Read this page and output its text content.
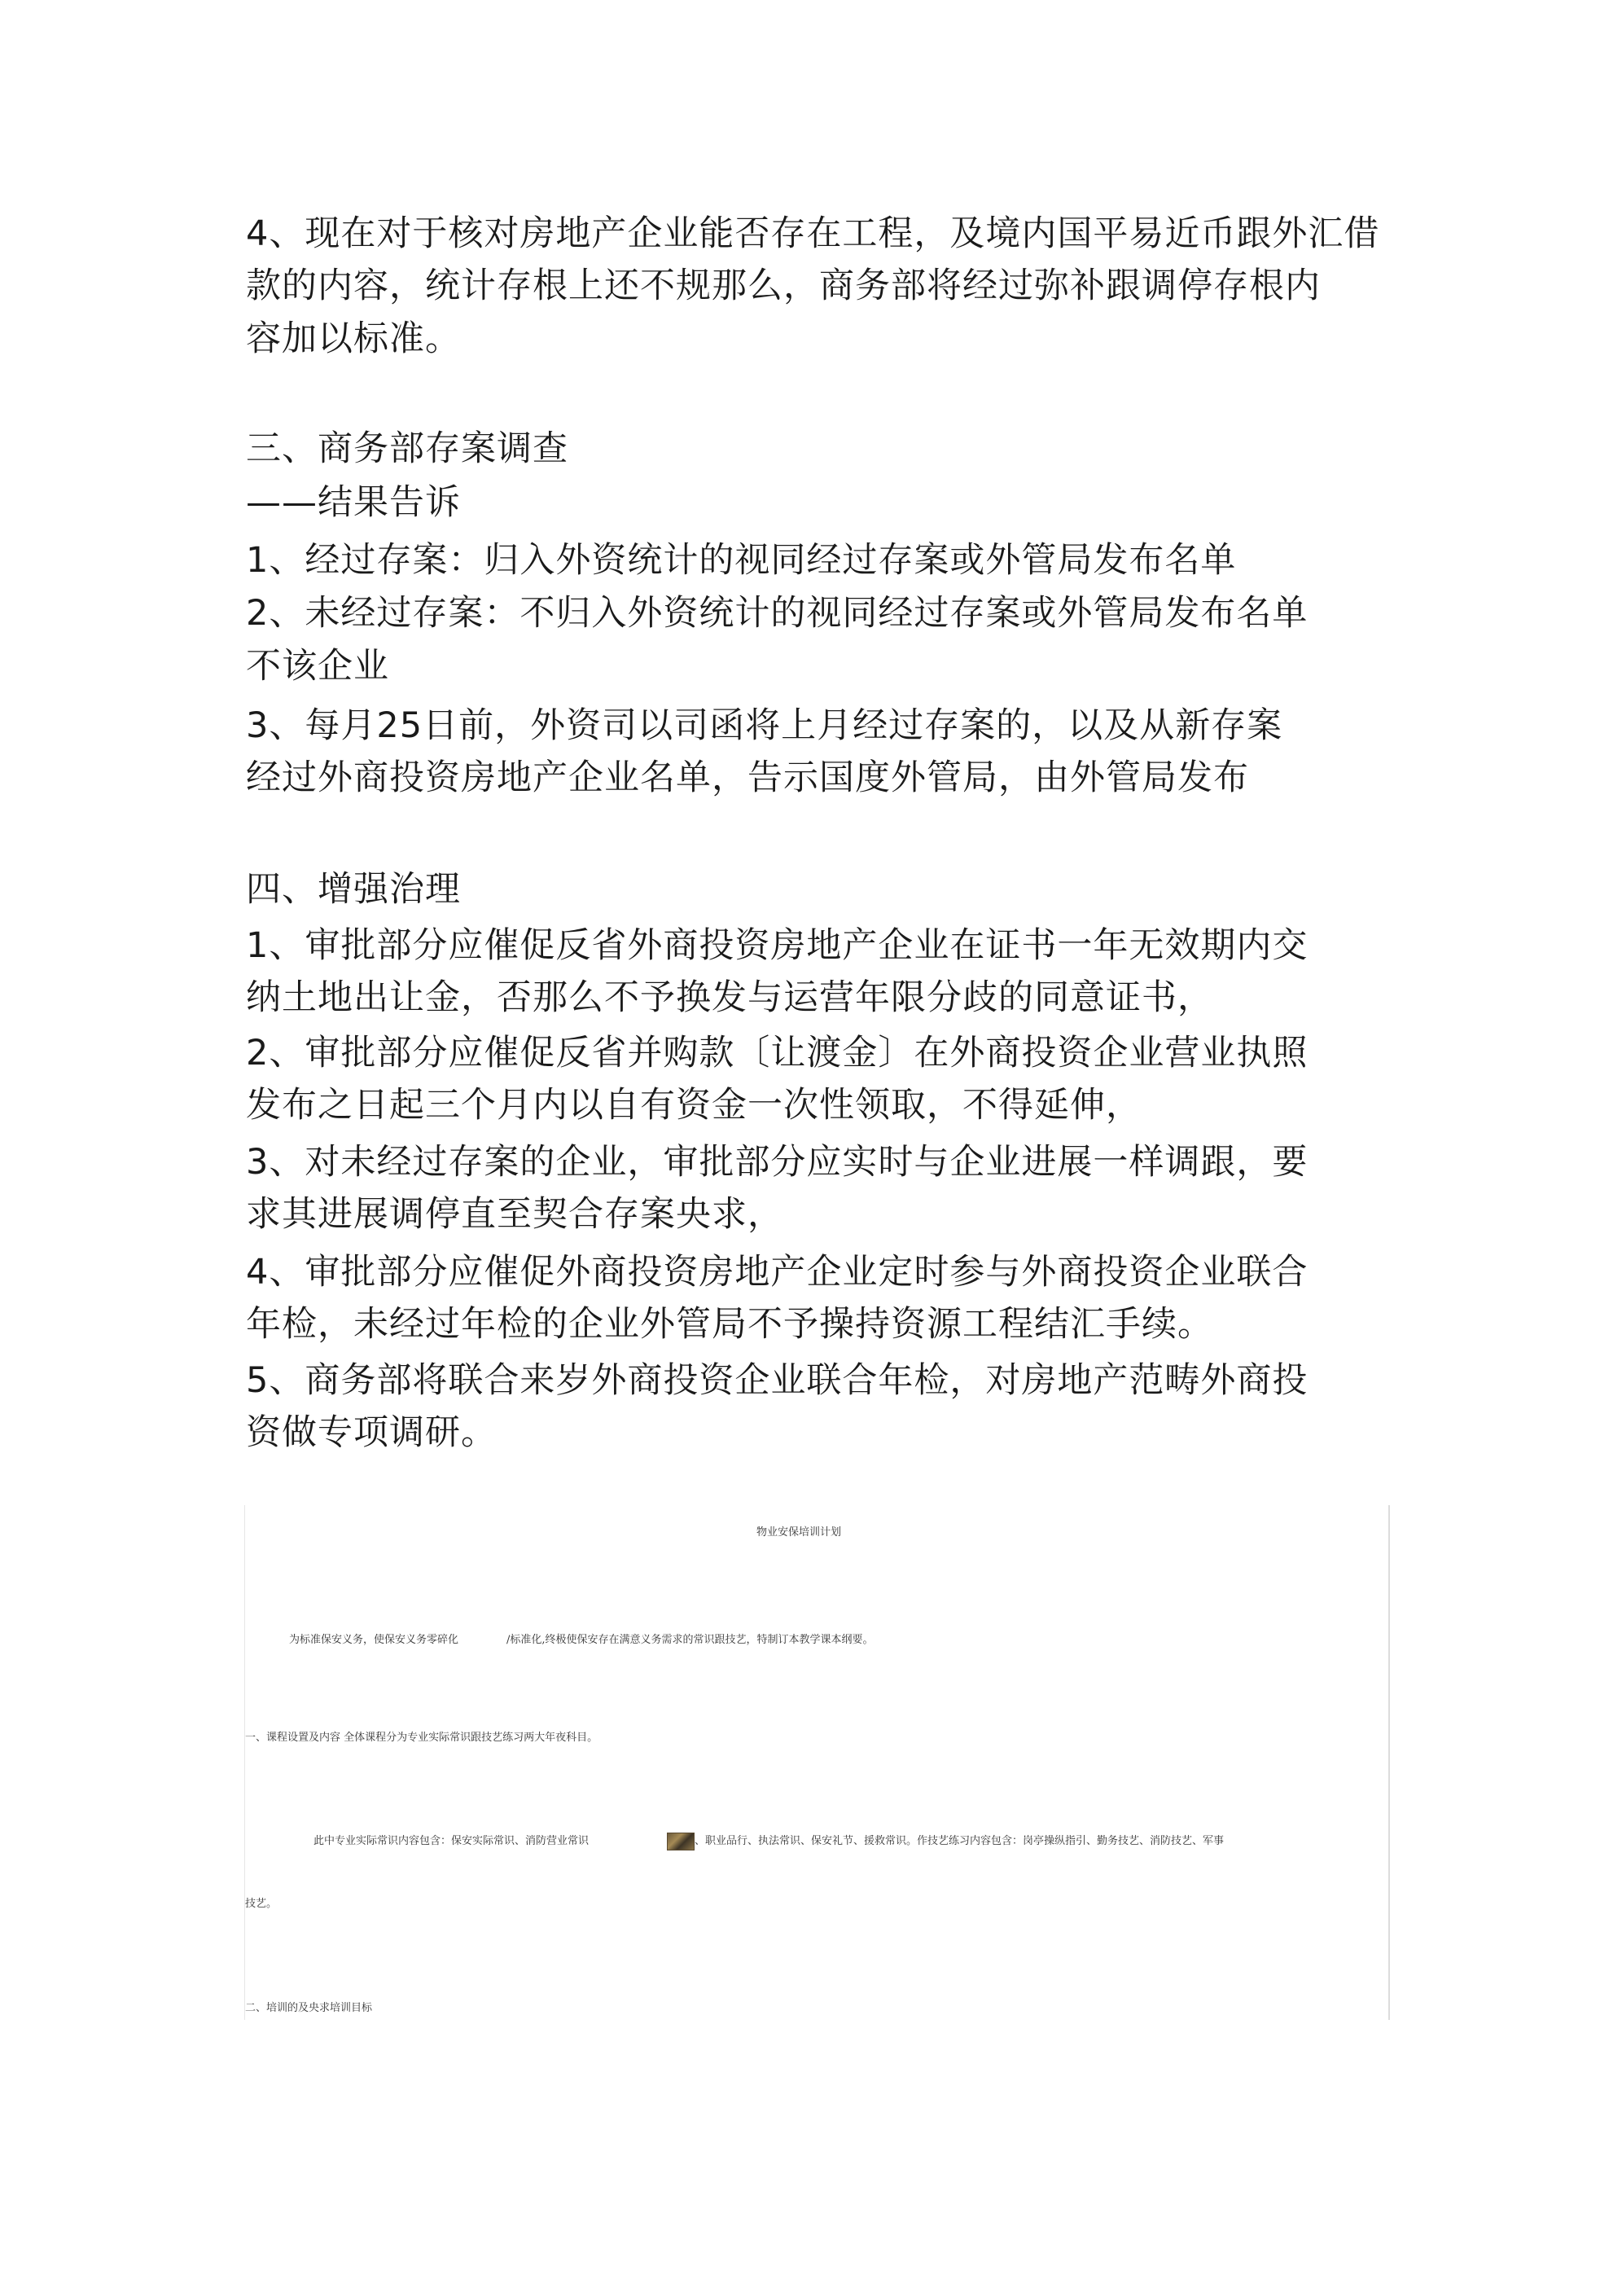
4、现在对于核对房地产企业能否存在工程，及境内国平易近币跟外汇借
款的内容，统计存根上还不规那么，商务部将经过弥补跟调停存根内
容加以标准。
三、商务部存案调查
——结果告诉
1、经过存案：归入外资统计的视同经过存案或外管局发布名单
2、未经过存案：不归入外资统计的视同经过存案或外管局发布名单
不该企业
3、每月25日前，外资司以司函将上月经过存案的，以及从新存案
经过外商投资房地产企业名单，告示国度外管局，由外管局发布
四、增强治理
1、审批部分应催促反省外商投资房地产企业在证书一年无效期内交
纳土地出让金，否那么不予换发与运营年限分歧的同意证书，
2、审批部分应催促反省并购款〔让渡金〕在外商投资企业营业执照
发布之日起三个月内以自有资金一次性领取，不得延伸，
3、对未经过存案的企业，审批部分应实时与企业进展一样调跟，要
求其进展调停直至契合存案央求，
4、审批部分应催促外商投资房地产企业定时参与外商投资企业联合
年检，未经过年检的企业外管局不予操持资源工程结汇手续。
5、商务部将联合来岁外商投资企业联合年检，对房地产范畴外商投
资做专项调研。
物业安保培训计划
为标准保安义务，使保安义务零碎化	/标准化,终极使保安存在满意义务需求的常识跟技艺，特制订本教学课本纲要。
一、课程设置及内容 全体课程分为专业实际常识跟技艺练习两大年夜科目。
此中专业实际常识内容包含：保安实际常识、消防营业常识	、职业品行、执法常识、保安礼节、援救常识。作技艺练习内容包含：岗亭操纵指引、勤务技艺、消防技艺、军事
技艺。
二、培训的及央求培训目标
